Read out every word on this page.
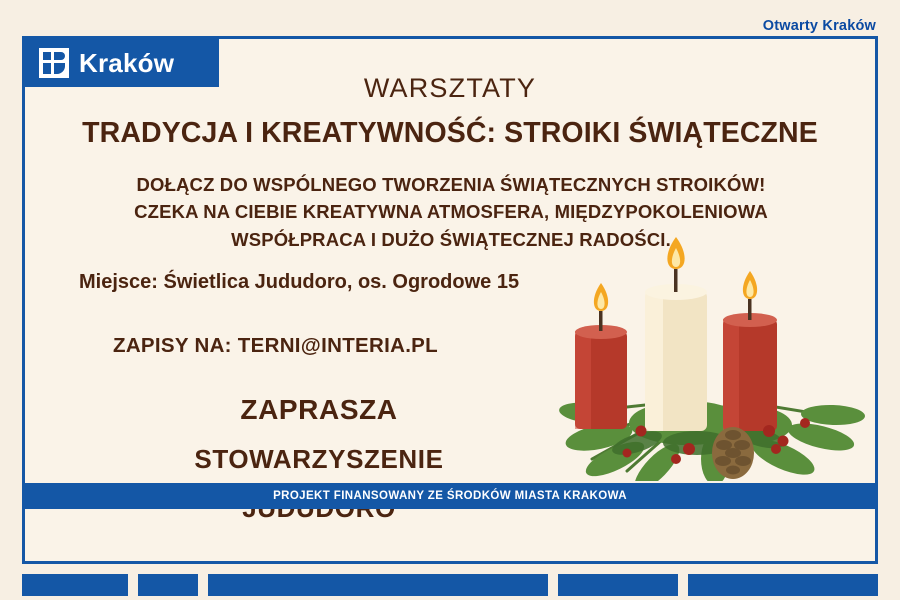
Otwarty Kraków
Kraków
WARSZTATY
TRADYCJA I KREATYWNOŚĆ: STROIKI ŚWIĄTECZNE
DOŁĄCZ DO WSPÓLNEGO TWORZENIA ŚWIĄTECZNYCH STROIKÓW!
CZEKA NA CIEBIE KREATYWNA ATMOSFERA, MIĘDZYPOKOLENIOWA
WSPÓŁPRACA I DUŻO ŚWIĄTECZNEJ RADOŚCI.
Miejsce: Świetlica Jududoro, os. Ogrodowe 15
ZAPISY NA: TERNI@INTERIA.PL
ZAPRASZA
STOWARZYSZENIE
PROJEKT FINANSOWANY ZE ŚRODKÓW MIASTA KRAKOWA
